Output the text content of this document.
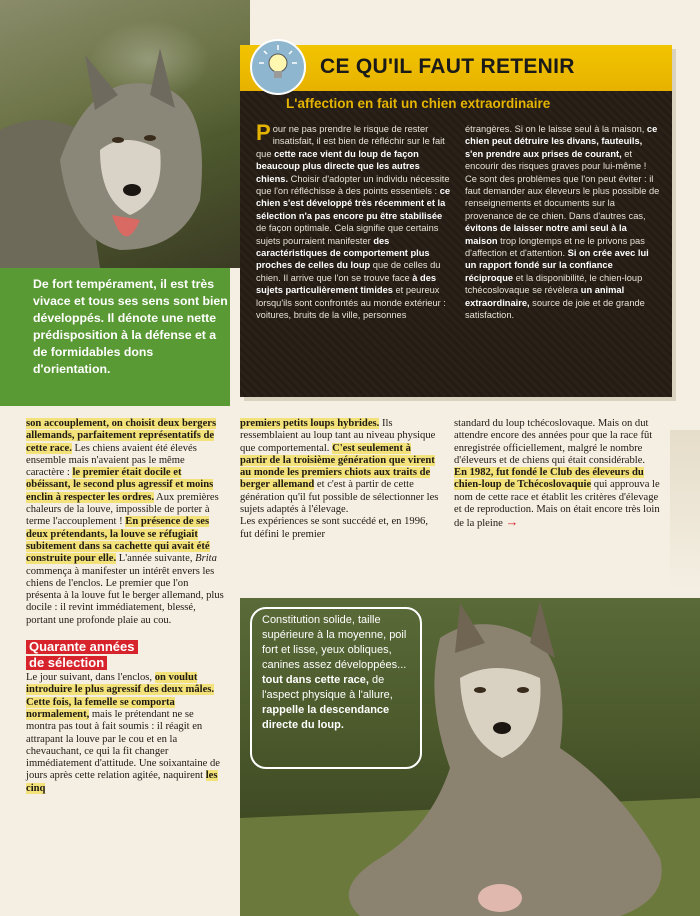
CE QU'IL FAUT RETENIR
L'affection en fait un chien extraordinaire
Pour ne pas prendre le risque de rester insatisfait, il est bien de réfléchir sur le fait que cette race vient du loup de façon beaucoup plus directe que les autres chiens. Choisir d'adopter un individu nécessite que l'on réfléchisse à des points essentiels : ce chien s'est développé très récemment et la sélection n'a pas encore pu être stabilisée de façon optimale. Cela signifie que certains sujets pourraient manifester des caractéristiques de comportement plus proches de celles du loup que de celles du chien. Il arrive que l'on se trouve face à des sujets particulièrement timides et peureux lorsqu'ils sont confrontés au monde extérieur : voitures, bruits de la ville, personnes
étrangères. Si on le laisse seul à la maison, ce chien peut détruire les divans, fauteuils, s'en prendre aux prises de courant, et encourir des risques graves pour lui-même ! Ce sont des problèmes que l'on peut éviter : il faut demander aux éleveurs le plus possible de renseignements et documents sur la provenance de ce chien. Dans d'autres cas, évitons de laisser notre ami seul à la maison trop longtemps et ne le privons pas d'affection et d'attention. Si on crée avec lui un rapport fondé sur la confiance réciproque et la disponibilité, le chien-loup tchécoslovaque se révèlera un animal extraordinaire, source de joie et de grande satisfaction.
De fort tempérament, il est très vivace et tous ses sens sont bien développés. Il dénote une nette prédisposition à la défense et a de formidables dons d'orientation.
son accouplement, on choisit deux bergers allemands, parfaitement représentatifs de cette race. Les chiens avaient été élevés ensemble mais n'avaient pas le même caractère : le premier était docile et obéissant, le second plus agressif et moins enclin à respecter les ordres. Aux premières chaleurs de la louve, impossible de porter à terme l'accouplement ! En présence de ses deux prétendants, la louve se réfugiait subitement dans sa cachette qui avait été construite pour elle. L'année suivante, Brita commença à manifester un intérêt envers les chiens de l'enclos. Le premier que l'on présenta à la louve fut le berger allemand, plus docile : il revint immédiatement, blessé, portant une profonde plaie au cou.
Quarante années
de sélection
Le jour suivant, dans l'enclos, on voulut introduire le plus agressif des deux mâles. Cette fois, la femelle se comporta normalement, mais le prétendant ne se montra pas tout à fait soumis : il réagit en attrapant la louve par le cou et en la chevauchant, ce qui la fit changer immédiatement d'attitude. Une soixantaine de jours après cette relation agitée, naquirent les cinq
premiers petits loups hybrides. Ils ressemblaient au loup tant au niveau physique que comportemental. C'est seulement à partir de la troisième génération que virent au monde les premiers chiots aux traits de berger allemand et c'est à partir de cette génération qu'il fut possible de sélectionner les sujets adaptés à l'élevage.
Les expériences se sont succédé et, en 1996, fut défini le premier
standard du loup tchécoslovaque. Mais on dut attendre encore des années pour que la race fût enregistrée officiellement, malgré le nombre d'éleveurs et de chiens qui était considérable. En 1982, fut fondé le Club des éleveurs du chien-loup de Tchécoslovaquie qui approuva le nom de cette race et établit les critères d'élevage et de reproduction. Mais on était encore très loin de la pleine →
Constitution solide, taille supérieure à la moyenne, poil fort et lisse, yeux obliques, canines assez développées... tout dans cette race, de l'aspect physique à l'allure, rappelle la descendance directe du loup.
